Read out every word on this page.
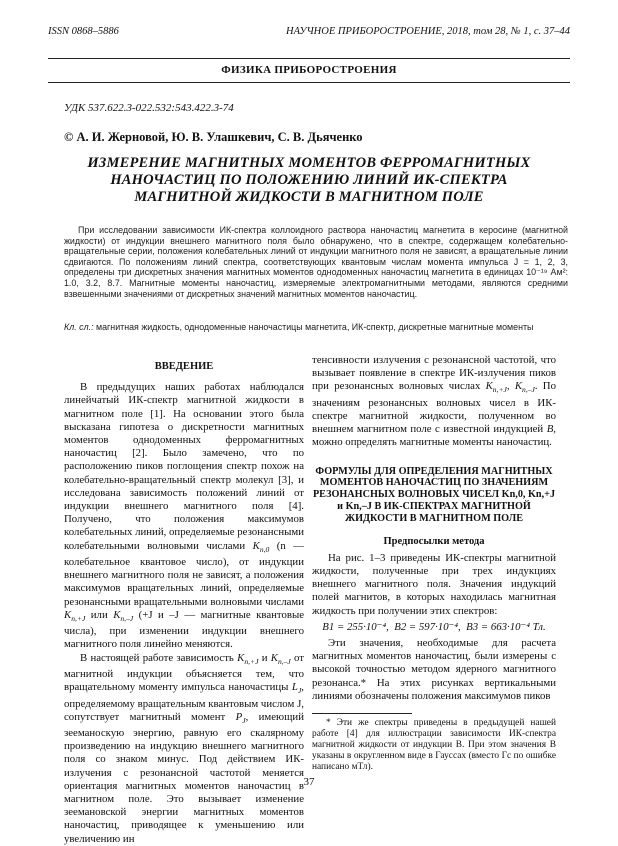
ISSN 0868–5886	НАУЧНОЕ ПРИБОРОСТРОЕНИЕ, 2018, том 28, № 1, с. 37–44
ФИЗИКА ПРИБОРОСТРОЕНИЯ
УДК 537.622.3-022.532:543.422.3-74
© А. И. Жерновой, Ю. В. Улашкевич, С. В. Дьяченко
ИЗМЕРЕНИЕ МАГНИТНЫХ МОМЕНТОВ ФЕРРОМАГНИТНЫХ НАНОЧАСТИЦ ПО ПОЛОЖЕНИЮ ЛИНИЙ ИК-СПЕКТРА МАГНИТНОЙ ЖИДКОСТИ В МАГНИТНОМ ПОЛЕ
При исследовании зависимости ИК-спектра коллоидного раствора наночастиц магнетита в керосине (магнитной жидкости) от индукции внешнего магнитного поля было обнаружено, что в спектре, содержащем колебательно-вращательные серии, положения колебательных линий от индукции магнитного поля не зависят, а вращательные линии сдвигаются. По положениям линий спектра, соответствующих квантовым числам момента импульса J = 1, 2, 3, определены три дискретных значения магнитных моментов однодоменных наночастиц магнетита в единицах 10⁻¹⁹ Ам²: 1.0, 3.2, 8.7. Магнитные моменты наночастиц, измеряемые электромагнитными методами, являются средними взвешенными значениями от дискретных значений магнитных моментов наночастиц.
Кл. сл.: магнитная жидкость, однодоменные наночастицы магнетита, ИК-спектр, дискретные магнитные моменты
ВВЕДЕНИЕ

В предыдущих наших работах наблюдался линейчатый ИК-спектр магнитной жидкости в магнитном поле [1]. На основании этого была высказана гипотеза о дискретности магнитных моментов однодоменных ферромагнитных наночастиц [2]. Было замечено, что по расположению пиков поглощения спектр похож на колебательно-вращательный спектр молекул [3], и исследована зависимость положений линий от индукции внешнего магнитного поля [4]. Получено, что положения максимумов колебательных линий, определяемые резонансными колебательными волновыми числами $K_{n,0}$ (n — колебательное квантовое число), от индукции внешнего магнитного поля не зависят, а положения максимумов вращательных линий, определяемые резонансными вращательными волновыми числами $K_{n,+J}$ или $K_{n,-J}$ (+J и –J — магнитные квантовые числа), при изменении индукции внешнего магнитного поля линейно меняются.

В настоящей работе зависимость $K_{n,+J}$ и $K_{n,-J}$ от магнитной индукции объясняется тем, что вращательному моменту импульса наночастицы $L_J$, определяемому вращательным квантовым числом J, сопутствует магнитный момент $P_J$, имеющий зееманоскую энергию, равную его скалярному произведению на индукцию внешнего магнитного поля со знаком минус. Под действием ИК-излучения с резонансной частотой меняется ориентация магнитных моментов наночастиц в магнитном поле. Это вызывает изменение зеемановской энергии магнитных моментов наночастиц, приводящее к уменьшению или увеличению ин

тенсивности излучения с резонансной частотой, что вызывает появление в спектре ИК-излучения пиков при резонансных волновых числах $K_{n,+J}$, $K_{n,-J}$. По значениям резонансных волновых чисел в ИК-спектре магнитной жидкости, полученном во внешнем магнитном поле с известной индукцией B, можно определять магнитные моменты наночастиц.

ФОРМУЛЫ ДЛЯ ОПРЕДЕЛЕНИЯ МАГНИТНЫХ МОМЕНТОВ НАНОЧАСТИЦ ПО ЗНАЧЕНИЯМ РЕЗОНАНСНЫХ ВОЛНОВЫХ ЧИСЕЛ Kn,0, Kn,+J и Kn,–J В ИК-СПЕКТРАХ МАГНИТНОЙ ЖИДКОСТИ В МАГНИТНОМ ПОЛЕ
Предпосылки метода

На рис. 1–3 приведены ИК-спектры магнитной жидкости, полученные при трех индукциях внешнего магнитного поля. Значения индукций полей магнитов, в которых находилась магнитная жидкость при получении этих спектров:

B1 = 255·10⁻⁴, B2 = 597·10⁻⁴, B3 = 663·10⁻⁴ Тл.

Эти значения, необходимые для расчета магнитных моментов наночастиц, были измерены с высокой точностью методом ядерного магнитного резонанса.* На этих рисунках вертикальными линиями обозначены положения максимумов пиков

* Эти же спектры приведены в предыдущей нашей работе [4] для иллюстрации зависимости ИК-спектра магнитной жидкости от индукции B. При этом значения B указаны в округленном виде в Гауссах (вместо Гс по ошибке написано мТл).
37
